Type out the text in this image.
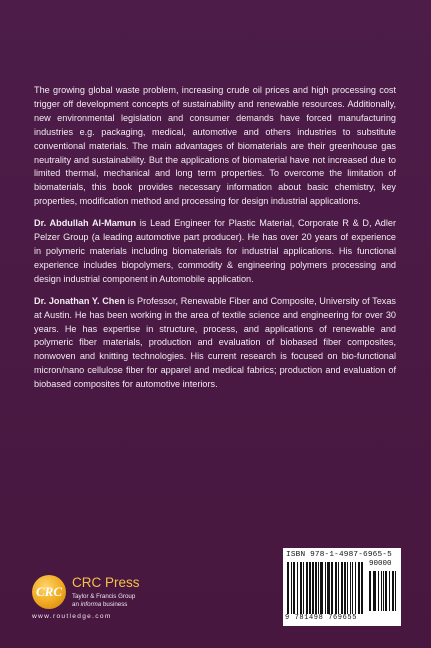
The growing global waste problem, increasing crude oil prices and high processing cost trigger off development concepts of sustainability and renewable resources. Additionally, new environmental legislation and consumer demands have forced manufacturing industries e.g. packaging, medical, automotive and others industries to substitute conventional materials. The main advantages of biomaterials are their greenhouse gas neutrality and sustainability. But the applications of biomaterial have not increased due to limited thermal, mechanical and long term properties. To overcome the limitation of biomaterials, this book provides necessary information about basic chemistry, key properties, modification method and processing for design industrial applications.

Dr. Abdullah Al-Mamun is Lead Engineer for Plastic Material, Corporate R & D, Adler Pelzer Group (a leading automotive part producer). He has over 20 years of experience in polymeric materials including biomaterials for industrial applications. His functional experience includes biopolymers, commodity & engineering polymers processing and design industrial component in Automobile application.

Dr. Jonathan Y. Chen is Professor, Renewable Fiber and Composite, University of Texas at Austin. He has been working in the area of textile science and engineering for over 30 years. He has expertise in structure, process, and applications of renewable and polymeric fiber materials, production and evaluation of biobased fiber composites, nonwoven and knitting technologies. His current research is focused on bio-functional micron/nano cellulose fiber for apparel and medical fabrics; production and evaluation of biobased composites for automotive interiors.

CRC
CRC Press
Taylor & Francis Group
an informa business
www.routledge.com
ISBN 978-1-4987-6965-5
90000
9 781498 769655
